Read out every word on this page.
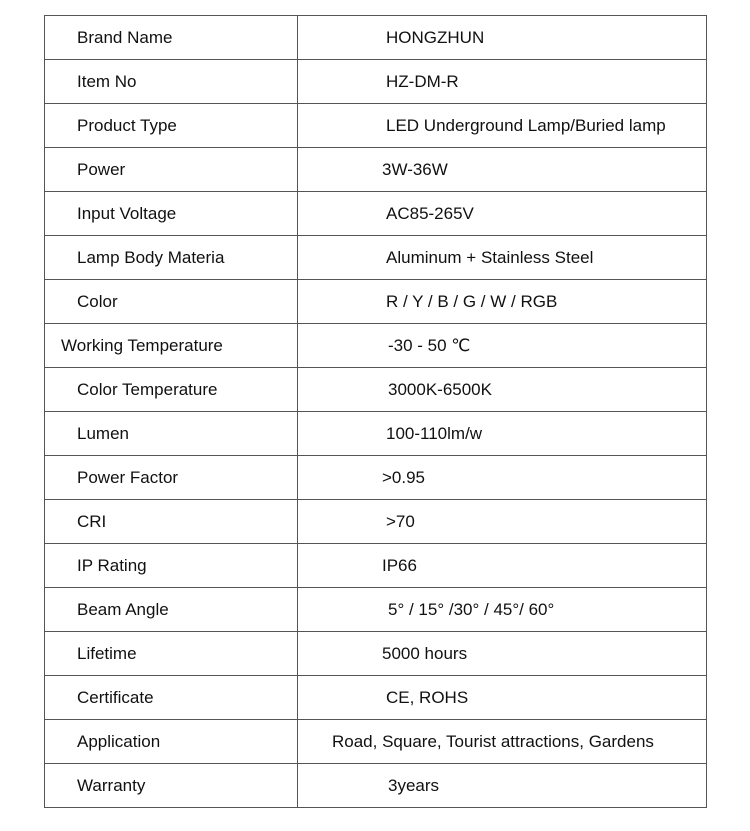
Brand Name	HONGZHUN
Item No	HZ-DM-R
Product Type	LED Underground Lamp/Buried lamp
Power	3W-36W
Input Voltage	AC85-265V
Lamp Body Materia	Aluminum + Stainless Steel
Color	R / Y / B / G / W / RGB
Working Temperature	-30 - 50 ℃
Color Temperature	3000K-6500K
Lumen	100-110lm/w
Power Factor	>0.95
CRI	>70
IP Rating	IP66
Beam Angle	5° / 15° /30° / 45°/ 60°
Lifetime	5000 hours
Certificate	CE, ROHS
Application	Road, Square, Tourist attractions, Gardens
Warranty	3years
